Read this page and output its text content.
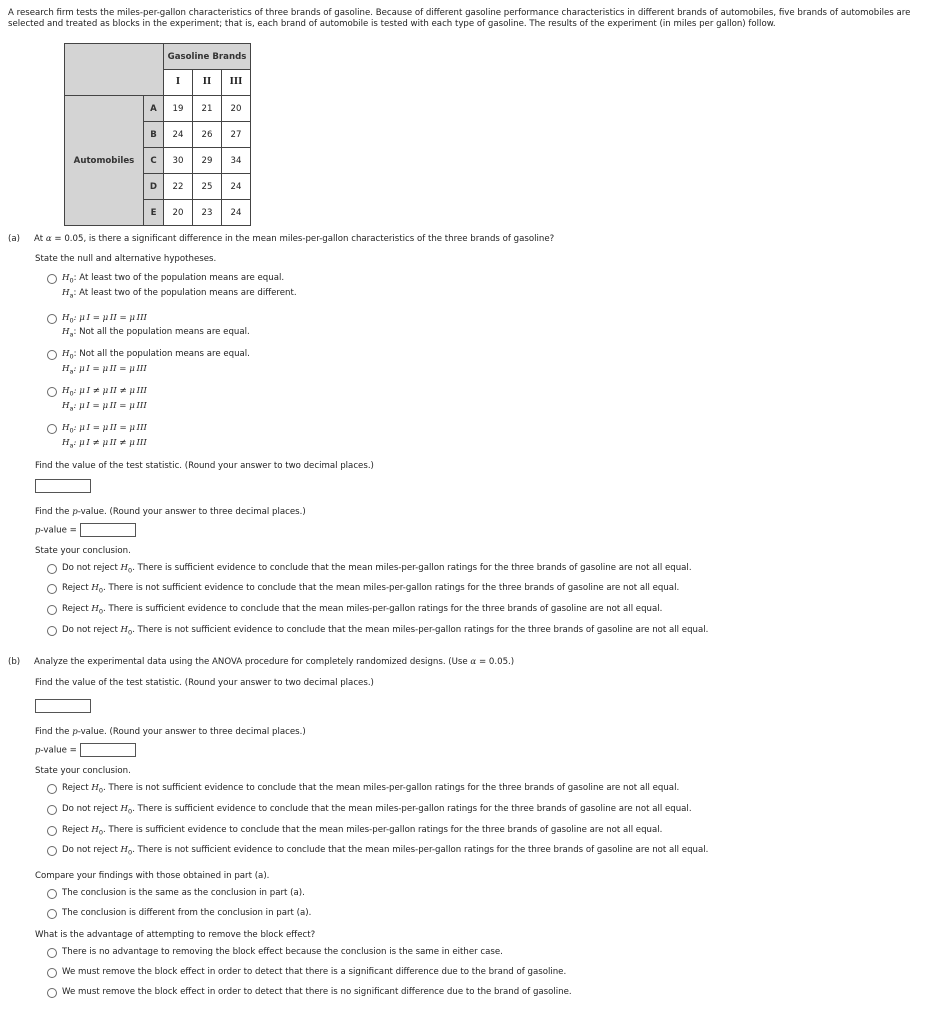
A research firm tests the miles-per-gallon characteristics of three brands of gasoline. Because of different gasoline performance characteristics in different brands of automobiles, five brands of automobiles are selected and treated as blocks in the experiment; that is, each brand of automobile is tested with each type of gasoline. The results of the experiment (in miles per gallon) follow.

		Gasoline Brands		
		I	II	III
Automobiles	A	19	21	20
	B	24	26	27
	C	30	29	34
	D	22	25	24
	E	20	23	24

(a) At α = 0.05, is there a significant difference in the mean miles-per-gallon characteristics of the three brands of gasoline?

State the null and alternative hypotheses.
$H_0$: At least two of the population means are equal.
$H_a$: At least two of the population means are different.
$H_0$: μ I = μ II = μ III
$H_a$: Not all the population means are equal.
$H_0$: Not all the population means are equal.
$H_a$: μ I = μ II = μ III
$H_0$: μ I ≠ μ II ≠ μ III
$H_a$: μ I = μ II = μ III
$H_0$: μ I = μ II = μ III
$H_a$: μ I ≠ μ II ≠ μ III
Find the value of the test statistic. (Round your answer to two decimal places.)
Find the p-value. (Round your answer to three decimal places.)
p-value =
State your conclusion.
Do not reject $H_0$. There is sufficient evidence to conclude that the mean miles-per-gallon ratings for the three brands of gasoline are not all equal.
Reject $H_0$. There is not sufficient evidence to conclude that the mean miles-per-gallon ratings for the three brands of gasoline are not all equal.
Reject $H_0$. There is sufficient evidence to conclude that the mean miles-per-gallon ratings for the three brands of gasoline are not all equal.
Do not reject $H_0$. There is not sufficient evidence to conclude that the mean miles-per-gallon ratings for the three brands of gasoline are not all equal.

(b) Analyze the experimental data using the ANOVA procedure for completely randomized designs. (Use α = 0.05.)

Find the value of the test statistic. (Round your answer to two decimal places.)
Find the p-value. (Round your answer to three decimal places.)
p-value =
State your conclusion.
Reject $H_0$. There is not sufficient evidence to conclude that the mean miles-per-gallon ratings for the three brands of gasoline are not all equal.
Do not reject $H_0$. There is sufficient evidence to conclude that the mean miles-per-gallon ratings for the three brands of gasoline are not all equal.
Reject $H_0$. There is sufficient evidence to conclude that the mean miles-per-gallon ratings for the three brands of gasoline are not all equal.
Do not reject $H_0$. There is not sufficient evidence to conclude that the mean miles-per-gallon ratings for the three brands of gasoline are not all equal.
Compare your findings with those obtained in part (a).
The conclusion is the same as the conclusion in part (a).
The conclusion is different from the conclusion in part (a).
What is the advantage of attempting to remove the block effect?
There is no advantage to removing the block effect because the conclusion is the same in either case.
We must remove the block effect in order to detect that there is a significant difference due to the brand of gasoline.
We must remove the block effect in order to detect that there is no significant difference due to the brand of gasoline.
